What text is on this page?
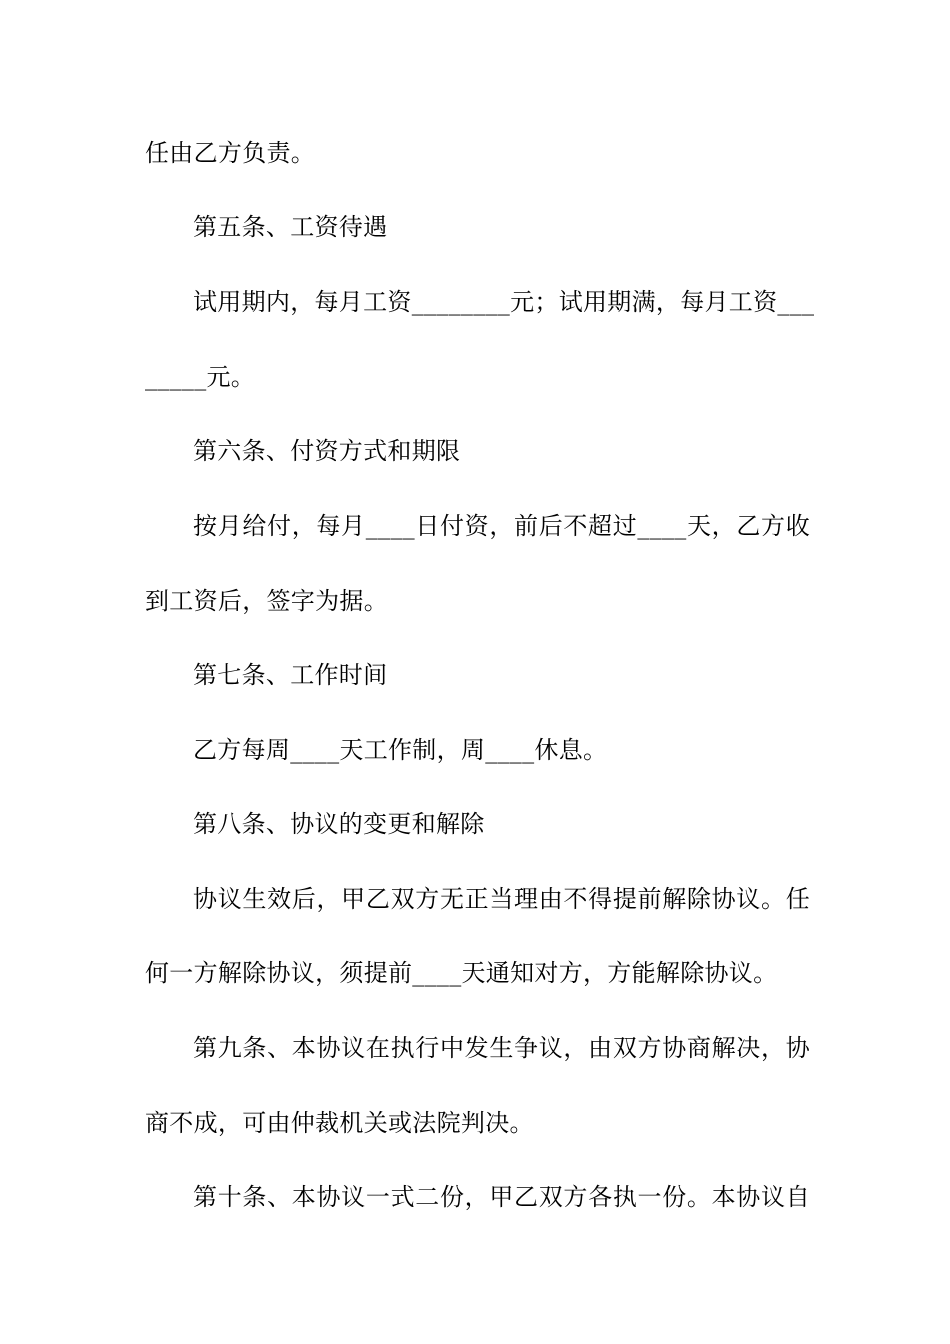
任由乙方负责。
第五条、工资待遇
试用期内，每月工资________元；试用期满，每月工资___
_____元。
第六条、付资方式和期限
按月给付，每月____日付资，前后不超过____天，乙方收
到工资后，签字为据。
第七条、工作时间
乙方每周____天工作制，周____休息。
第八条、协议的变更和解除
协议生效后，甲乙双方无正当理由不得提前解除协议。任
何一方解除协议，须提前____天通知对方，方能解除协议。
第九条、本协议在执行中发生争议，由双方协商解决，协
商不成，可由仲裁机关或法院判决。
第十条、本协议一式二份，甲乙双方各执一份。本协议自
